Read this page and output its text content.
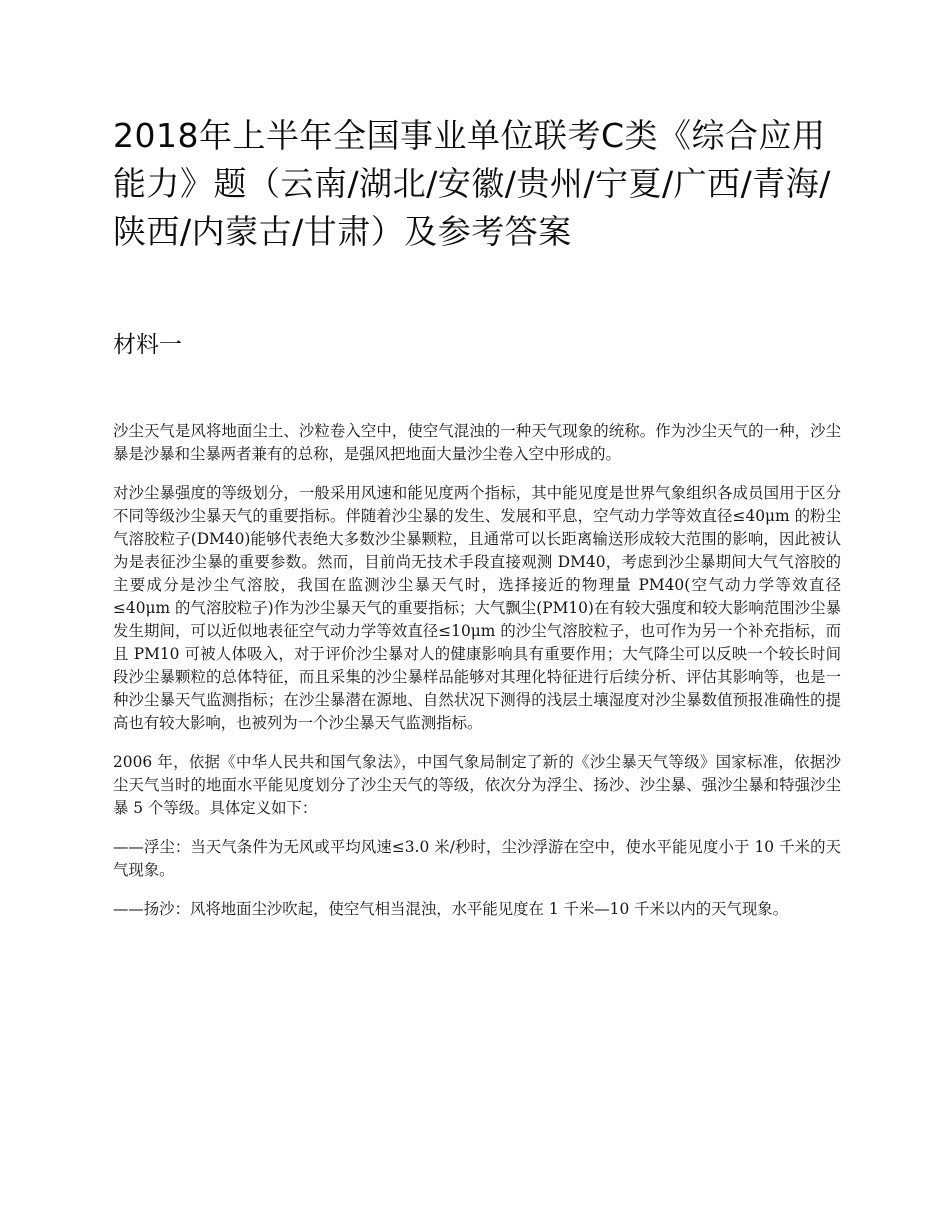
2018年上半年全国事业单位联考C类《综合应用能力》题（云南/湖北/安徽/贵州/宁夏/广西/青海/陕西/内蒙古/甘肃）及参考答案
材料一

沙尘天气是风将地面尘土、沙粒卷入空中，使空气混浊的一种天气现象的统称。作为沙尘天气的一种，沙尘暴是沙暴和尘暴两者兼有的总称，是强风把地面大量沙尘卷入空中形成的。

对沙尘暴强度的等级划分，一般采用风速和能见度两个指标，其中能见度是世界气象组织各成员国用于区分不同等级沙尘暴天气的重要指标。伴随着沙尘暴的发生、发展和平息，空气动力学等效直径≤40μm 的粉尘气溶胶粒子(DM40)能够代表绝大多数沙尘暴颗粒，且通常可以长距离输送形成较大范围的影响，因此被认为是表征沙尘暴的重要参数。然而，目前尚无技术手段直接观测 DM40，考虑到沙尘暴期间大气气溶胶的主要成分是沙尘气溶胶，我国在监测沙尘暴天气时，选择接近的物理量 PM40(空气动力学等效直径≤40μm 的气溶胶粒子)作为沙尘暴天气的重要指标；大气飘尘(PM10)在有较大强度和较大影响范围沙尘暴发生期间，可以近似地表征空气动力学等效直径≤10μm 的沙尘气溶胶粒子，也可作为另一个补充指标，而且 PM10 可被人体吸入，对于评价沙尘暴对人的健康影响具有重要作用；大气降尘可以反映一个较长时间段沙尘暴颗粒的总体特征，而且采集的沙尘暴样品能够对其理化特征进行后续分析、评估其影响等，也是一种沙尘暴天气监测指标；在沙尘暴潜在源地、自然状况下测得的浅层土壤湿度对沙尘暴数值预报准确性的提高也有较大影响，也被列为一个沙尘暴天气监测指标。

2006 年，依据《中华人民共和国气象法》，中国气象局制定了新的《沙尘暴天气等级》国家标准，依据沙尘天气当时的地面水平能见度划分了沙尘天气的等级，依次分为浮尘、扬沙、沙尘暴、强沙尘暴和特强沙尘暴 5 个等级。具体定义如下：

——浮尘：当天气条件为无风或平均风速≤3.0 米/秒时，尘沙浮游在空中，使水平能见度小于 10 千米的天气现象。

——扬沙：风将地面尘沙吹起，使空气相当混浊，水平能见度在 1 千米—10 千米以内的天气现象。
